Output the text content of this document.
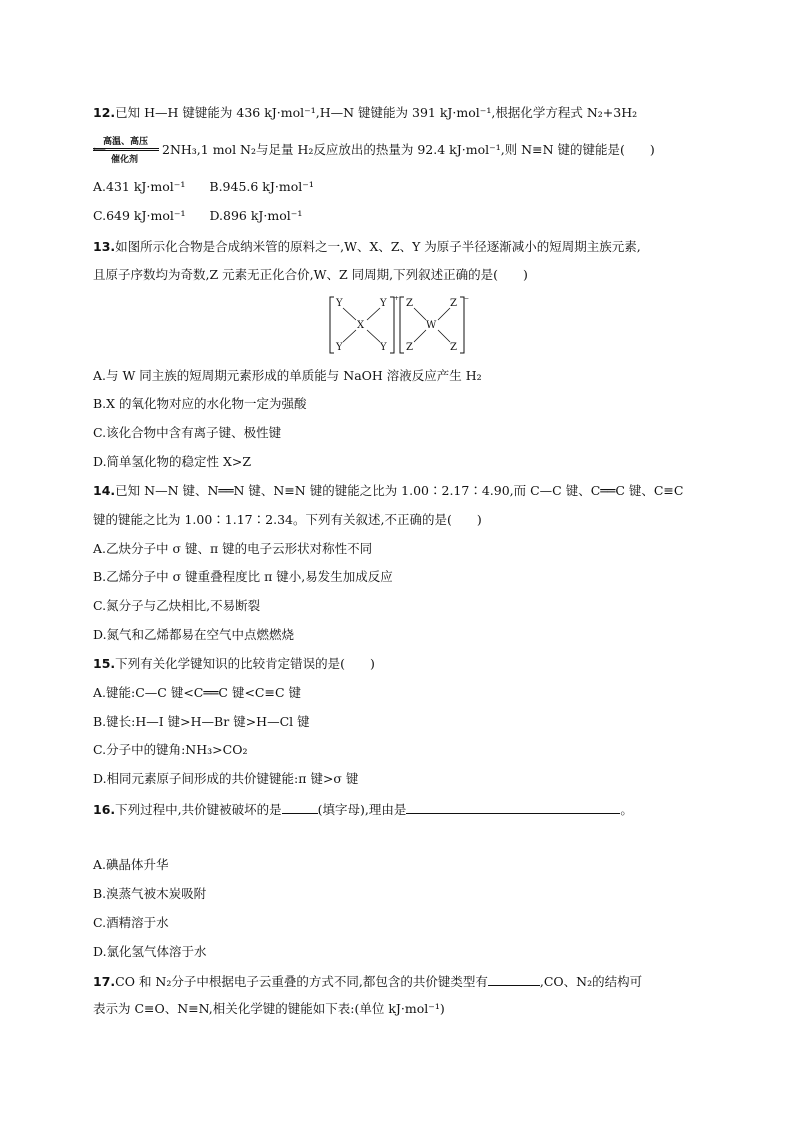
12.已知 H—H 键键能为 436 kJ·mol⁻¹,H—N 键键能为 391 kJ·mol⁻¹,根据化学方程式 N₂+3H₂
高温、高压
催化剂
2NH₃,1 mol N₂与足量 H₂反应放出的热量为 92.4 kJ·mol⁻¹,则 N≡N 键的键能是(　　)
A.431 kJ·mol⁻¹ B.945.6 kJ·mol⁻¹
C.649 kJ·mol⁻¹ D.896 kJ·mol⁻¹
13.如图所示化合物是合成纳米管的原料之一,W、X、Z、Y 为原子半径逐渐减小的短周期主族元素,
且原子序数均为奇数,Z 元素无正化合价,W、Z 同周期,下列叙述正确的是(　　)
Y	Y
Y	Y
X
+ Z	Z
Z	Z
W
−
A.与 W 同主族的短周期元素形成的单质能与 NaOH 溶液反应产生 H₂
B.X 的氧化物对应的水化物一定为强酸
C.该化合物中含有离子键、极性键
D.简单氢化物的稳定性 X>Z
14.已知 N—N 键、N══N 键、N≡N 键的键能之比为 1.00∶2.17∶4.90,而 C—C 键、C══C 键、C≡C
键的键能之比为 1.00∶1.17∶2.34。下列有关叙述,不正确的是(　　)
A.乙炔分子中 σ 键、π 键的电子云形状对称性不同
B.乙烯分子中 σ 键重叠程度比 π 键小,易发生加成反应
C.氮分子与乙炔相比,不易断裂
D.氮气和乙烯都易在空气中点燃燃烧
15.下列有关化学键知识的比较肯定错误的是(　　)
A.键能:C—C 键<C══C 键<C≡C 键
B.键长:H—I 键>H—Br 键>H—Cl 键
C.分子中的键角:NH₃>CO₂
D.相同元素原子间形成的共价键键能:π 键>σ 键
16.下列过程中,共价键被破坏的是	(填字母),理由是	。
A.碘晶体升华
B.溴蒸气被木炭吸附
C.酒精溶于水
D.氯化氢气体溶于水
17.CO 和 N₂分子中根据电子云重叠的方式不同,都包含的共价键类型有	,CO、N₂的结构可
表示为 C≡O、N≡N,相关化学键的键能如下表:(单位 kJ·mol⁻¹)
